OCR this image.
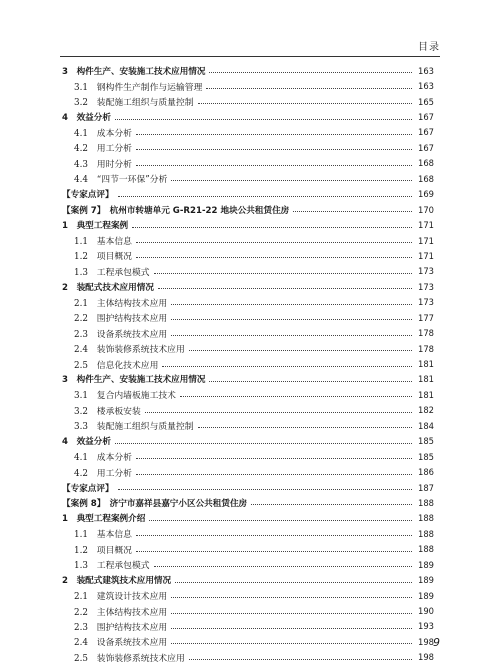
目录
3　构件生产、安装施工技术应用情况	163
3.1　钢构件生产制作与运输管理	163
3.2　装配施工组织与质量控制	165
4　效益分析	167
4.1　成本分析	167
4.2　用工分析	167
4.3　用时分析	168
4.4　“四节一环保”分析	168
【专家点评】	169
【案例 7】　杭州市转塘单元 G-R21-22 地块公共租赁住房	170
1　典型工程案例	171
1.1　基本信息	171
1.2　项目概况	171
1.3　工程承包模式	173
2　装配式技术应用情况	173
2.1　主体结构技术应用	173
2.2　围护结构技术应用	177
2.3　设备系统技术应用	178
2.4　装饰装修系统技术应用	178
2.5　信息化技术应用	181
3　构件生产、安装施工技术应用情况	181
3.1　复合内墙板施工技术	181
3.2　楼承板安装	182
3.3　装配施工组织与质量控制	184
4　效益分析	185
4.1　成本分析	185
4.2　用工分析	186
【专家点评】	187
【案例 8】　济宁市嘉祥县嘉宁小区公共租赁住房	188
1　典型工程案例介绍	188
1.1　基本信息	188
1.2　项目概况	188
1.3　工程承包模式	189
2　装配式建筑技术应用情况	189
2.1　建筑设计技术应用	189
2.2　主体结构技术应用	190
2.3　围护结构技术应用	193
2.4　设备系统技术应用	198
2.5　装饰装修系统技术应用	198
9
